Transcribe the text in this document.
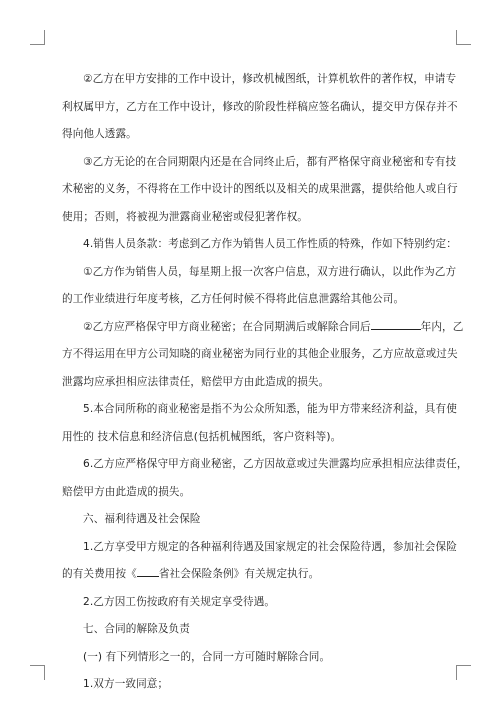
②乙方在甲方安排的工作中设计，修改机械图纸，计算机软件的著作权，申请专
利权属甲方，乙方在工作中设计，修改的阶段性样稿应签名确认，提交甲方保存并不
得向他人透露。

③乙方无论的在合同期限内还是在合同终止后，都有严格保守商业秘密和专有技
术秘密的义务，不得将在工作中设计的图纸以及相关的成果泄露，提供给他人或自行
使用；否则，将被视为泄露商业秘密或侵犯著作权。

4.销售人员条款：考虑到乙方作为销售人员工作性质的特殊，作如下特别约定：

①乙方作为销售人员，每星期上报一次客户信息，双方进行确认，以此作为乙方
的工作业绩进行年度考核，乙方任何时候不得将此信息泄露给其他公司。

②乙方应严格保守甲方商业秘密；在合同期满后或解除合同后	年内，乙
方不得运用在甲方公司知晓的商业秘密为同行业的其他企业服务，乙方应故意或过失
泄露均应承担相应法律责任，赔偿甲方由此造成的损失。

5.本合同所称的商业秘密是指不为公众所知悉，能为甲方带来经济利益，具有使
用性的 技术信息和经济信息(包括机械图纸，客户资料等)。

6.乙方应严格保守甲方商业秘密，乙方因故意或过失泄露均应承担相应法律责任，
赔偿甲方由此造成的损失。

六、福利待遇及社会保险

1.乙方享受甲方规定的各种福利待遇及国家规定的社会保险待遇，参加社会保险
的有关费用按《 省社会保险条例》有关规定执行。

2.乙方因工伤按政府有关规定享受待遇。

七、合同的解除及负责

(一) 有下列情形之一的，合同一方可随时解除合同。

1.双方一致同意；
